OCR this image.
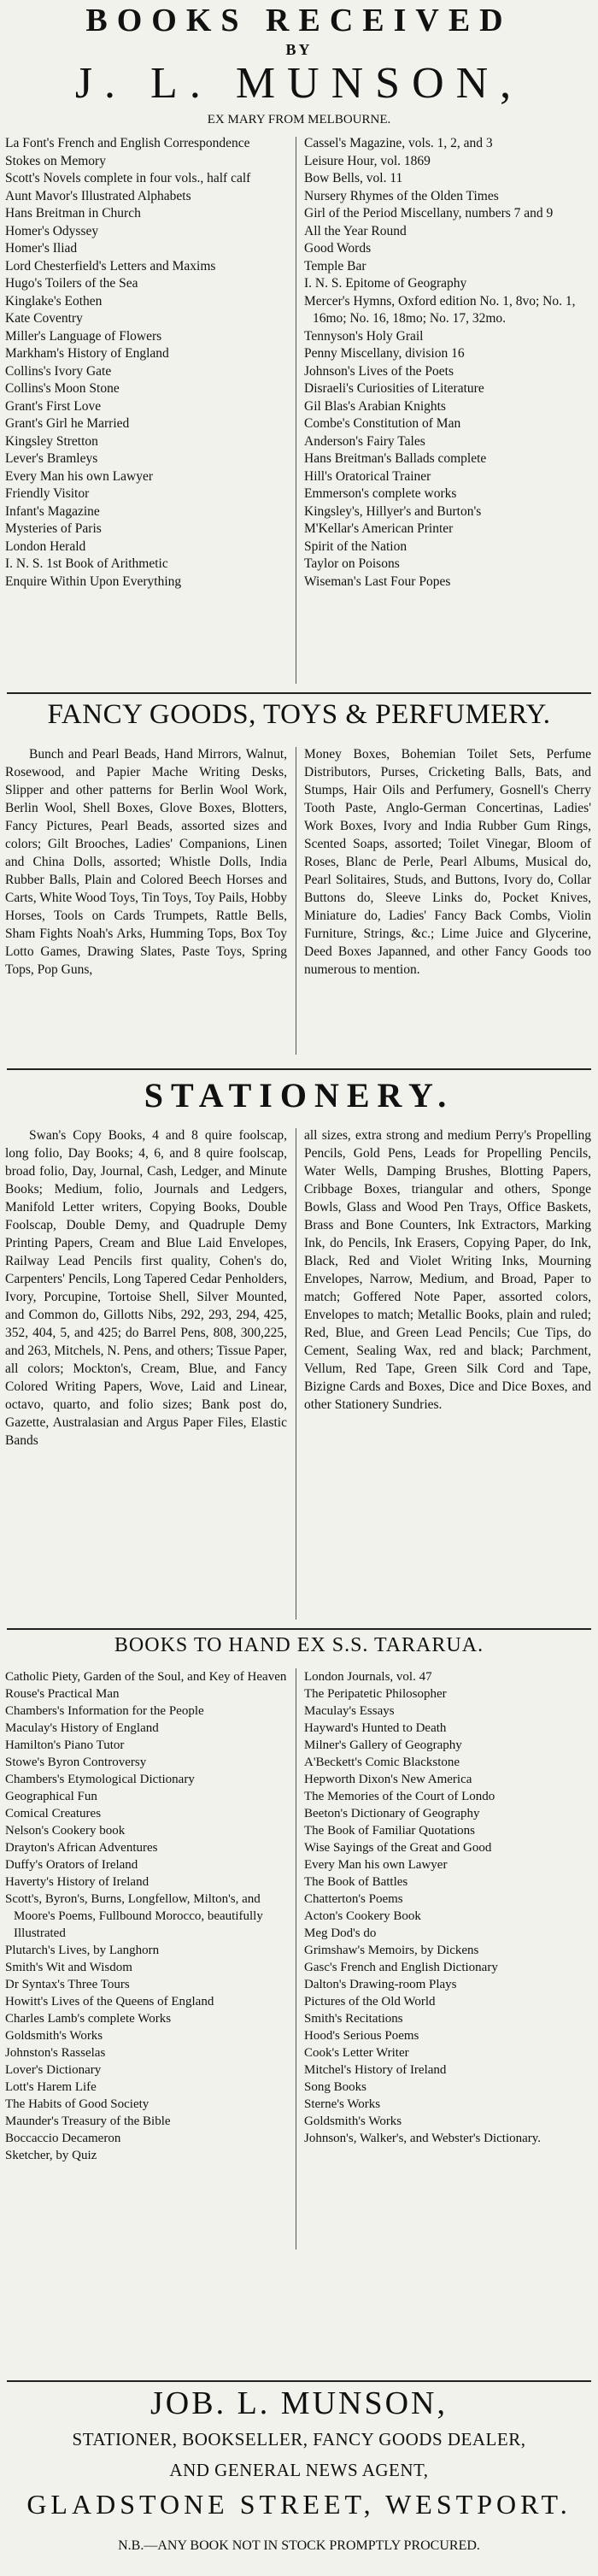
BOOKS RECEIVED
BY
J. L. MUNSON,
EX MARY FROM MELBOURNE.
La Font's French and English Correspondence
Stokes on Memory
Scott's Novels complete in four vols., half calf
Aunt Mavor's Illustrated Alphabets
Hans Breitman in Church
Homer's Odyssey
Homer's Iliad
Lord Chesterfield's Letters and Maxims
Hugo's Toilers of the Sea
Kinglake's Eothen
Kate Coventry
Miller's Language of Flowers
Markham's History of England
Collins's Ivory Gate
Collins's Moon Stone
Grant's First Love
Grant's Girl he Married
Kingsley Stretton
Lever's Bramleys
Every Man his own Lawyer
Friendly Visitor
Infant's Magazine
Mysteries of Paris
London Herald
I. N. S. 1st Book of Arithmetic
Enquire Within Upon Everything
Cassel's Magazine, vols. 1, 2, and 3
Leisure Hour, vol. 1869
Bow Bells, vol. 11
Nursery Rhymes of the Olden Times
Girl of the Period Miscellany, numbers 7 and 9
All the Year Round
Good Words
Temple Bar
I. N. S. Epitome of Geography
Mercer's Hymns, Oxford edition No. 1, 8vo; No. 1, 16mo; No. 16, 18mo; No. 17, 32mo.
Tennyson's Holy Grail
Penny Miscellany, division 16
Johnson's Lives of the Poets
Disraeli's Curiosities of Literature
Gil Blas's Arabian Knights
Combe's Constitution of Man
Anderson's Fairy Tales
Hans Breitman's Ballads complete
Hill's Oratorical Trainer
Emmerson's complete works
Kingsley's, Hillyer's and Burton's
M'Kellar's American Printer
Spirit of the Nation
Taylor on Poisons
Wiseman's Last Four Popes
FANCY GOODS, TOYS & PERFUMERY.

Bunch and Pearl Beads, Hand Mirrors, Walnut, Rosewood, and Papier Mache Writing Desks, Slipper and other patterns for Berlin Wool Work, Berlin Wool, Shell Boxes, Glove Boxes, Blotters, Fancy Pictures, Pearl Beads, assorted sizes and colors; Gilt Brooches, Ladies' Companions, Linen and China Dolls, assorted; Whistle Dolls, India Rubber Balls, Plain and Colored Beech Horses and Carts, White Wood Toys, Tin Toys, Toy Pails, Hobby Horses, Tools on Cards Trumpets, Rattle Bells, Sham Fights Noah's Arks, Humming Tops, Box Toy Lotto Games, Drawing Slates, Paste Toys, Spring Tops, Pop Guns,

Money Boxes, Bohemian Toilet Sets, Perfume Distributors, Purses, Cricketing Balls, Bats, and Stumps, Hair Oils and Perfumery, Gosnell's Cherry Tooth Paste, Anglo-German Concertinas, Ladies' Work Boxes, Ivory and India Rubber Gum Rings, Scented Soaps, assorted; Toilet Vinegar, Bloom of Roses, Blanc de Perle, Pearl Albums, Musical do, Pearl Solitaires, Studs, and Buttons, Ivory do, Collar Buttons do, Sleeve Links do, Pocket Knives, Miniature do, Ladies' Fancy Back Combs, Violin Furniture, Strings, &c.; Lime Juice and Glycerine, Deed Boxes Japanned, and other Fancy Goods too numerous to mention.

STATIONERY.

Swan's Copy Books, 4 and 8 quire foolscap, long folio, Day Books; 4, 6, and 8 quire foolscap, broad folio, Day, Journal, Cash, Ledger, and Minute Books; Medium, folio, Journals and Ledgers, Manifold Letter writers, Copying Books, Double Foolscap, Double Demy, and Quadruple Demy Printing Papers, Cream and Blue Laid Envelopes, Railway Lead Pencils first quality, Cohen's do, Carpenters' Pencils, Long Tapered Cedar Penholders, Ivory, Porcupine, Tortoise Shell, Silver Mounted, and Common do, Gillotts Nibs, 292, 293, 294, 425, 352, 404, 5, and 425; do Barrel Pens, 808, 300,225, and 263, Mitchels, N. Pens, and others; Tissue Paper, all colors; Mockton's, Cream, Blue, and Fancy Colored Writing Papers, Wove, Laid and Linear, octavo, quarto, and folio sizes; Bank post do, Gazette, Australasian and Argus Paper Files, Elastic Bands

all sizes, extra strong and medium Perry's Propelling Pencils, Gold Pens, Leads for Propelling Pencils, Water Wells, Damping Brushes, Blotting Papers, Cribbage Boxes, triangular and others, Sponge Bowls, Glass and Wood Pen Trays, Office Baskets, Brass and Bone Counters, Ink Extractors, Marking Ink, do Pencils, Ink Erasers, Copying Paper, do Ink, Black, Red and Violet Writing Inks, Mourning Envelopes, Narrow, Medium, and Broad, Paper to match; Goffered Note Paper, assorted colors, Envelopes to match; Metallic Books, plain and ruled; Red, Blue, and Green Lead Pencils; Cue Tips, do Cement, Sealing Wax, red and black; Parchment, Vellum, Red Tape, Green Silk Cord and Tape, Bizigne Cards and Boxes, Dice and Dice Boxes, and other Stationery Sundries.

BOOKS TO HAND EX S.S. TARARUA.
Catholic Piety, Garden of the Soul, and Key of Heaven
Rouse's Practical Man
Chambers's Information for the People
Maculay's History of England
Hamilton's Piano Tutor
Stowe's Byron Controversy
Chambers's Etymological Dictionary
Geographical Fun
Comical Creatures
Nelson's Cookery book
Drayton's African Adventures
Duffy's Orators of Ireland
Haverty's History of Ireland
Scott's, Byron's, Burns, Longfellow, Milton's, and Moore's Poems, Fullbound Morocco, beautifully Illustrated
Plutarch's Lives, by Langhorn
Smith's Wit and Wisdom
Dr Syntax's Three Tours
Howitt's Lives of the Queens of England
Charles Lamb's complete Works
Goldsmith's Works
Johnston's Rasselas
Lover's Dictionary
Lott's Harem Life
The Habits of Good Society
Maunder's Treasury of the Bible
Boccaccio Decameron
Sketcher, by Quiz
London Journals, vol. 47
The Peripatetic Philosopher
Maculay's Essays
Hayward's Hunted to Death
Milner's Gallery of Geography
A'Beckett's Comic Blackstone
Hepworth Dixon's New America
The Memories of the Court of Londo
Beeton's Dictionary of Geography
The Book of Familiar Quotations
Wise Sayings of the Great and Good
Every Man his own Lawyer
The Book of Battles
Chatterton's Poems
Acton's Cookery Book
Meg Dod's do
Grimshaw's Memoirs, by Dickens
Gasc's French and English Dictionary
Dalton's Drawing-room Plays
Pictures of the Old World
Smith's Recitations
Hood's Serious Poems
Cook's Letter Writer
Mitchel's History of Ireland
Song Books
Sterne's Works
Goldsmith's Works
Johnson's, Walker's, and Webster's Dictionary.
JOB. L. MUNSON,
STATIONER, BOOKSELLER, FANCY GOODS DEALER,
AND GENERAL NEWS AGENT,
GLADSTONE STREET, WESTPORT.
N.B.—ANY BOOK NOT IN STOCK PROMPTLY PROCURED.
